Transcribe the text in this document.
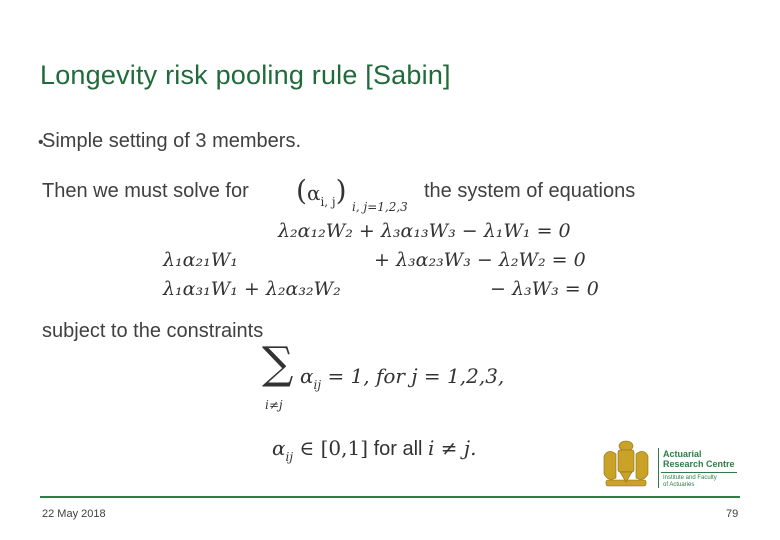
Longevity risk pooling rule [Sabin]
•
Simple setting of 3 members.
Then we must solve for $(\alpha_{i, j})$ i, j=1,2,3
the system of equations
λ₂α₁₂W₂ + λ₃α₁₃W₃ − λ₁W₁ = 0
λ₁α₂₁W₁	+ λ₃α₂₃W₃ − λ₂W₂ = 0
λ₁α₃₁W₁ + λ₂α₃₂W₂	− λ₃W₃ = 0
subject to the constraints
∑
i≠j
$\alpha_{ij} = 1$, for j = 1,2,3,
$\alpha_{ij}$ ∈ [0,1] for all i ≠ j.	Actuarial
Research Centre
Institute and Faculty
of Actuaries
22 May 2018	79
